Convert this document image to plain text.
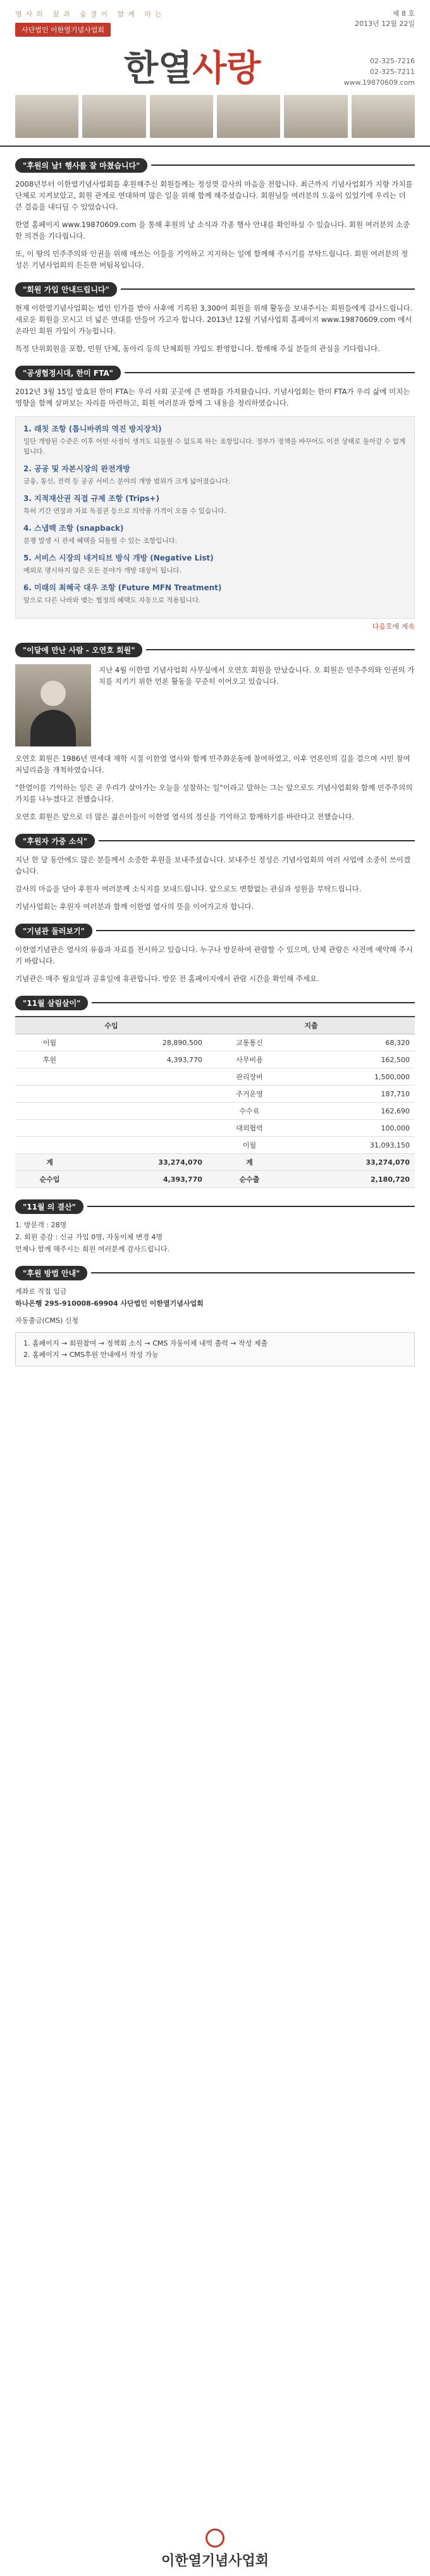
명사의 꿈과 숨결이 함께 하는
사단법인 이한열기념사업회
제 8 호
2013년 12월 22일
한열사랑	02-325-7216
02-325-7211
www.19870609.com
"후원의 날! 행사를 잘 마쳤습니다"

2008년부터 이한열기념사업회를 후원해주신 회원들께는 정성껏 감사의 마음을 전합니다. 최근까지 기념사업회가 지향 가치를 단체로 지켜보았고, 회원 관계로 연대하며 많은 일을 위해 함께 해주셨습니다. 회원님들 여러분의 도움이 있었기에 우리는 더 큰 걸음을 내디딜 수 있었습니다.

한열 홈페이지 www.19870609.com 을 통해 후원의 날 소식과 각종 행사 안내를 확인하실 수 있습니다. 회원 여러분의 소중한 의견을 기다립니다.

또, 이 땅의 민주주의와 인권을 위해 애쓰는 이들을 기억하고 지지하는 일에 함께해 주시기를 부탁드립니다. 회원 여러분의 정성은 기념사업회의 든든한 버팀목입니다.

"회원 가입 안내드립니다"

현재 이한열기념사업회는 법인 인가를 받아 사후에 기록된 3,300여 회원을 위해 활동을 보내주시는 회원들에게 감사드립니다. 새로운 회원을 모시고 더 넓은 연대를 만들어 가고자 합니다. 2013년 12월 기념사업회 홈페이지 www.19870609.com 에서 온라인 회원 가입이 가능합니다.

특정 단위회원을 포함, 민원 단체, 동아리 등의 단체회원 가입도 환영합니다. 함께해 주실 분들의 관심을 기다립니다.

"공생협정시대, 한미 FTA"

2012년 3월 15일 발효된 한미 FTA는 우리 사회 곳곳에 큰 변화를 가져왔습니다. 기념사업회는 한미 FTA가 우리 삶에 미치는 영향을 함께 살펴보는 자리를 마련하고, 회원 여러분과 함께 그 내용을 정리하였습니다.

1. 래칫 조항 (톱니바퀴의 역진 방지장치)

일단 개방된 수준은 이후 어떤 사정이 생겨도 되돌릴 수 없도록 하는 조항입니다. 정부가 정책을 바꾸어도 이전 상태로 돌아갈 수 없게 됩니다.

2. 공공 및 자본시장의 완전개방

금융, 통신, 전력 등 공공 서비스 분야의 개방 범위가 크게 넓어졌습니다.

3. 지적재산권 직접 규제 조항 (Trips+)

특허 기간 연장과 자료 독점권 등으로 의약품 가격이 오를 수 있습니다.

4. 스냅백 조항 (snapback)

분쟁 발생 시 관세 혜택을 되돌릴 수 있는 조항입니다.

5. 서비스 시장의 네거티브 방식 개방 (Negative List)

예외로 명시하지 않은 모든 분야가 개방 대상이 됩니다.

6. 미래의 최혜국 대우 조항 (Future MFN Treatment)

앞으로 다른 나라와 맺는 협정의 혜택도 자동으로 적용됩니다.

다음호에 계속
"이달에 만난 사람 - 오연호 회원"

지난 4월 이한열 기념사업회 사무실에서 오연호 회원을 만났습니다. 오 회원은 민주주의와 인권의 가치를 지키기 위한 언론 활동을 꾸준히 이어오고 있습니다.

오연호 회원은 1986년 연세대 재학 시절 이한열 열사와 함께 민주화운동에 참여하였고, 이후 언론인의 길을 걸으며 시민 참여 저널리즘을 개척하였습니다.

"한열이를 기억하는 일은 곧 우리가 살아가는 오늘을 성찰하는 일"이라고 말하는 그는 앞으로도 기념사업회와 함께 민주주의의 가치를 나누겠다고 전했습니다.

오연호 회원은 앞으로 더 많은 젊은이들이 이한열 열사의 정신을 기억하고 함께하기를 바란다고 전했습니다.

"후원자 가중 소식"

지난 한 달 동안에도 많은 분들께서 소중한 후원을 보내주셨습니다. 보내주신 정성은 기념사업회의 여러 사업에 소중히 쓰이겠습니다.

감사의 마음을 담아 후원자 여러분께 소식지를 보내드립니다. 앞으로도 변함없는 관심과 성원을 부탁드립니다.

기념사업회는 후원자 여러분과 함께 이한열 열사의 뜻을 이어가고자 합니다.

"기념관 둘러보기"

이한열기념관은 열사의 유품과 자료를 전시하고 있습니다. 누구나 방문하여 관람할 수 있으며, 단체 관람은 사전에 예약해 주시기 바랍니다.

기념관은 매주 월요일과 공휴일에 휴관합니다. 방문 전 홈페이지에서 관람 시간을 확인해 주세요.

"11월 살림살이"
수입		지출	
이월	28,890,500	교통통신	68,320
후원	4,393,770	사무비용	162,500
		관리장비	1,500,000
		주거운영	187,710
		수수료	162,690
		대외협력	100,000
		이월	31,093,150
계	33,274,070	계	33,274,070
순수입	4,393,770	순수출	2,180,720
"11월 의 결산"

1. 방문객 : 28명

2. 회원 증감 : 신규 가입 0명, 자동이체 변경 4명

언제나 함께 해주시는 회원 여러분께 감사드립니다.

"후원 방법 안내"

계좌로 직접 입금

하나은행 295-910008-69904 사단법인 이한열기념사업회

자동출금(CMS) 신청

1. 홈페이지 → 회원참여 → 정책회 소식 → CMS 자동이체 내역 출력 → 작성 제출
2. 홈페이지 → CMS후원 안내에서 작성 가능
이한열기념사업회
